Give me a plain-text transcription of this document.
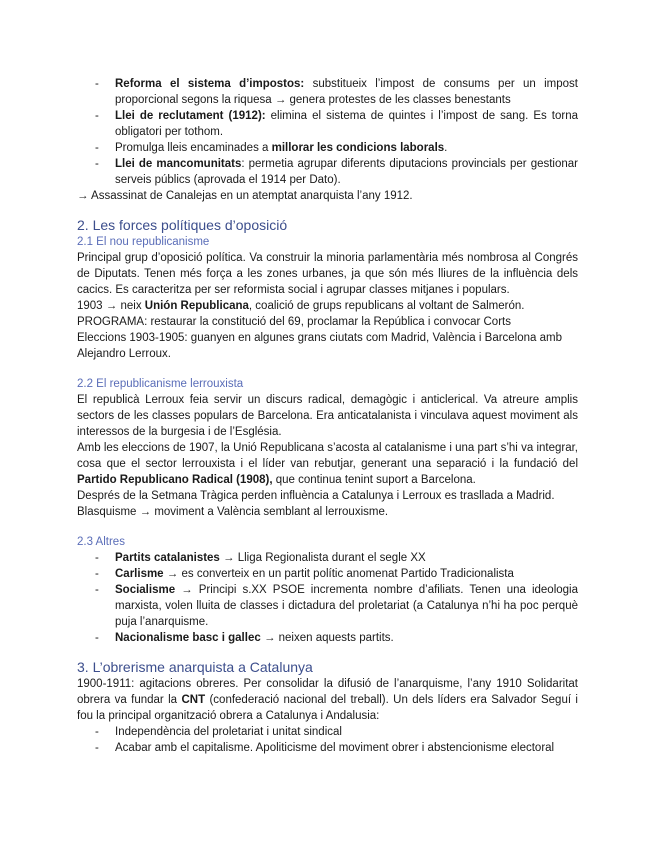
- Reforma el sistema d’impostos: substitueix l’impost de consums per un impost proporcional segons la riquesa → genera protestes de les classes benestants
- Llei de reclutament (1912): elimina el sistema de quintes i l’impost de sang. Es torna obligatori per tothom.
- Promulga lleis encaminades a millorar les condicions laborals.
- Llei de mancomunitats: permetia agrupar diferents diputacions provincials per gestionar serveis públics (aprovada el 1914 per Dato).

→ Assassinat de Canalejas en un atemptat anarquista l’any 1912.

2. Les forces polítiques d’oposició
2.1 El nou republicanisme

Principal grup d’oposició política. Va construir la minoria parlamentària més nombrosa al Congrés de Diputats. Tenen més força a les zones urbanes, ja que són més lliures de la influència dels cacics. Es caracteritza per ser reformista social i agrupar classes mitjanes i populars.

1903 → neix Unión Republicana, coalició de grups republicans al voltant de Salmerón.

PROGRAMA: restaurar la constitució del 69, proclamar la República i convocar Corts

Eleccions 1903-1905: guanyen en algunes grans ciutats com Madrid, València i Barcelona amb Alejandro Lerroux.

2.2 El republicanisme lerrouxista

El republicà Lerroux feia servir un discurs radical, demagògic i anticlerical. Va atreure amplis sectors de les classes populars de Barcelona. Era anticatalanista i vinculava aquest moviment als interessos de la burgesia i de l’Església.

Amb les eleccions de 1907, la Unió Republicana s’acosta al catalanisme i una part s’hi va integrar, cosa que el sector lerrouxista i el líder van rebutjar, generant una separació i la fundació del Partido Republicano Radical (1908), que continua tenint suport a Barcelona.

Després de la Setmana Tràgica perden influència a Catalunya i Lerroux es trasllada a Madrid.

Blasquisme → moviment a València semblant al lerrouxisme.

2.3 Altres
- Partits catalanistes → Lliga Regionalista durant el segle XX
- Carlisme → es converteix en un partit polític anomenat Partido Tradicionalista
- Socialisme → Principi s.XX PSOE incrementa nombre d’afiliats. Tenen una ideologia marxista, volen lluita de classes i dictadura del proletariat (a Catalunya n’hi ha poc perquè puja l’anarquisme.
- Nacionalisme basc i gallec → neixen aquests partits.
3. L’obrerisme anarquista a Catalunya

1900-1911: agitacions obreres. Per consolidar la difusió de l’anarquisme, l’any 1910 Solidaritat obrera va fundar la CNT (confederació nacional del treball). Un dels líders era Salvador Seguí i fou la principal organització obrera a Catalunya i Andalusia:

- Independència del proletariat i unitat sindical
- Acabar amb el capitalisme. Apoliticisme del moviment obrer i abstencionisme electoral
